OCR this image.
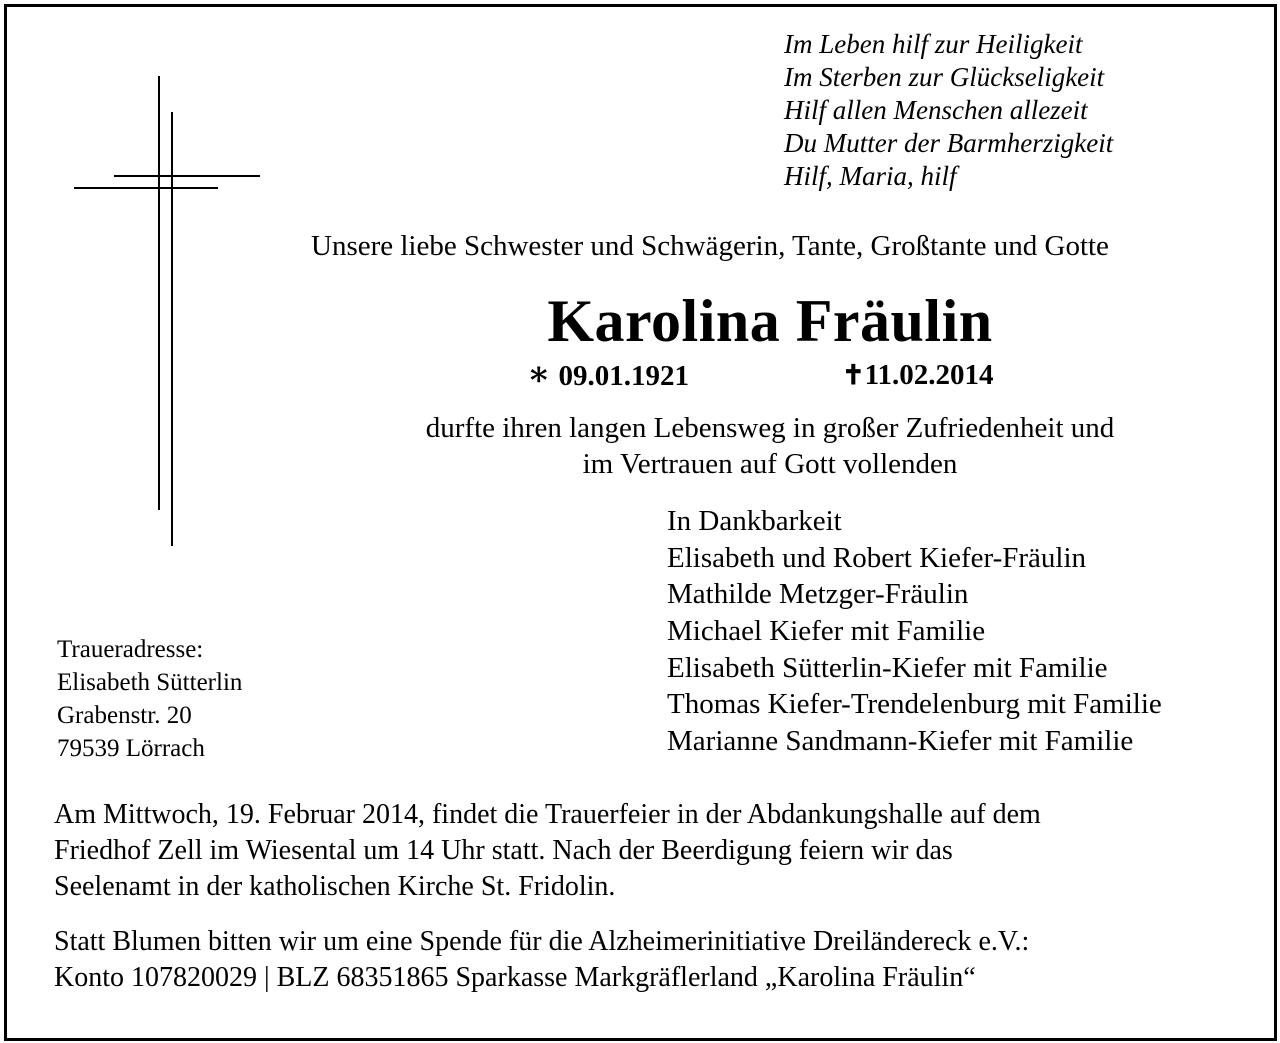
Im Leben hilf zur Heiligkeit
Im Sterben zur Glückseligkeit
Hilf allen Menschen allezeit
Du Mutter der Barmherzigkeit
Hilf, Maria, hilf
Unsere liebe Schwester und Schwägerin, Tante, Großtante und Gotte
Karolina Fräulin
∗ 09.01.1921	✝11.02.2014
durfte ihren langen Lebensweg in großer Zufriedenheit und
im Vertrauen auf Gott vollenden
In Dankbarkeit
Elisabeth und Robert Kiefer-Fräulin
Mathilde Metzger-Fräulin
Michael Kiefer mit Familie
Elisabeth Sütterlin-Kiefer mit Familie
Thomas Kiefer-Trendelenburg mit Familie
Marianne Sandmann-Kiefer mit Familie
Traueradresse:
Elisabeth Sütterlin
Grabenstr. 20
79539 Lörrach
Am Mittwoch, 19. Februar 2014, findet die Trauerfeier in der Abdankungshalle auf dem
Friedhof Zell im Wiesental um 14 Uhr statt. Nach der Beerdigung feiern wir das
Seelenamt in der katholischen Kirche St. Fridolin.
Statt Blumen bitten wir um eine Spende für die Alzheimerinitiative Dreiländereck e.V.:
Konto 107820029 | BLZ 68351865 Sparkasse Markgräflerland „Karolina Fräulin“
